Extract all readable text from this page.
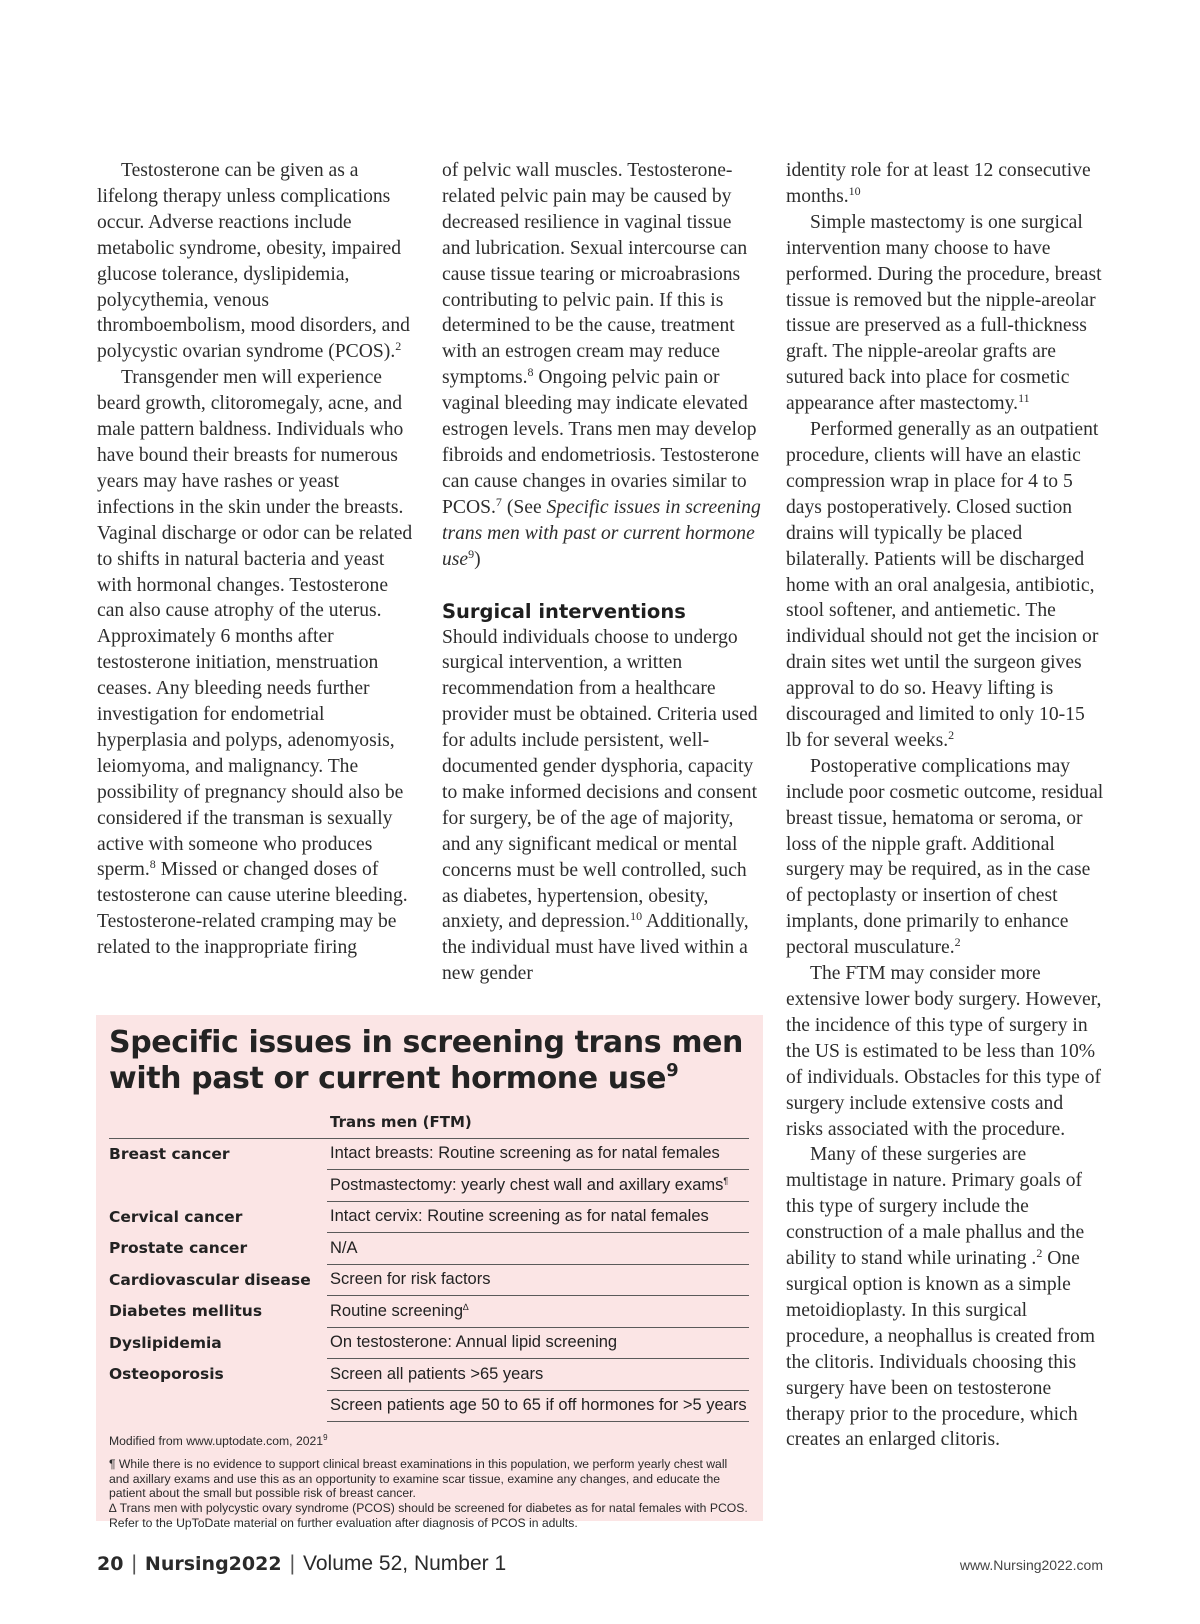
Testosterone can be given as a lifelong therapy unless complications occur. Adverse reactions include metabolic syndrome, obesity, impaired glucose tolerance, dyslipidemia, polycythemia, venous thromboembolism, mood disorders, and polycystic ovarian syndrome (PCOS).$^2$

Transgender men will experience beard growth, clitoromegaly, acne, and male pattern baldness. Individuals who have bound their breasts for numerous years may have rashes or yeast infections in the skin under the breasts. Vaginal discharge or odor can be related to shifts in natural bacteria and yeast with hormonal changes. Testosterone can also cause atrophy of the uterus. Approximately 6 months after testosterone initiation, menstruation ceases. Any bleeding needs further investigation for endometrial hyperplasia and polyps, adenomyosis, leiomyoma, and malignancy. The possibility of pregnancy should also be considered if the transman is sexually active with someone who produces sperm.$^8$ Missed or changed doses of testosterone can cause uterine bleeding. Testosterone-related cramping may be related to the inappropriate firing

of pelvic wall muscles. Testosterone-related pelvic pain may be caused by decreased resilience in vaginal tissue and lubrication. Sexual intercourse can cause tissue tearing or microabrasions contributing to pelvic pain. If this is determined to be the cause, treatment with an estrogen cream may reduce symptoms.$^8$ Ongoing pelvic pain or vaginal bleeding may indicate elevated estrogen levels. Trans men may develop fibroids and endometriosis. Testosterone can cause changes in ovaries similar to PCOS.$^7$ (See Specific issues in screening trans men with past or current hormone use$^9$)

Surgical interventions

Should individuals choose to undergo surgical intervention, a written recommendation from a healthcare provider must be obtained. Criteria used for adults include persistent, well-documented gender dysphoria, capacity to make informed decisions and consent for surgery, be of the age of majority, and any significant medical or mental concerns must be well controlled, such as diabetes, hypertension, obesity, anxiety, and depression.$^{10}$ Additionally, the individual must have lived within a new gender

identity role for at least 12 consecutive months.$^{10}$

Simple mastectomy is one surgical intervention many choose to have performed. During the procedure, breast tissue is removed but the nipple-areolar tissue are preserved as a full-thickness graft. The nipple-areolar grafts are sutured back into place for cosmetic appearance after mastectomy.$^{11}$

Performed generally as an outpatient procedure, clients will have an elastic compression wrap in place for 4 to 5 days postoperatively. Closed suction drains will typically be placed bilaterally. Patients will be discharged home with an oral analgesia, antibiotic, stool softener, and antiemetic. The individual should not get the incision or drain sites wet until the surgeon gives approval to do so. Heavy lifting is discouraged and limited to only 10-15 lb for several weeks.$^2$

Postoperative complications may include poor cosmetic outcome, residual breast tissue, hematoma or seroma, or loss of the nipple graft. Additional surgery may be required, as in the case of pectoplasty or insertion of chest implants, done primarily to enhance pectoral musculature.$^2$

The FTM may consider more extensive lower body surgery. However, the incidence of this type of surgery in the US is estimated to be less than 10% of individuals. Obstacles for this type of surgery include extensive costs and risks associated with the procedure.

Many of these surgeries are multistage in nature. Primary goals of this type of surgery include the construction of a male phallus and the ability to stand while urinating .$^2$ One surgical option is known as a simple metoidioplasty. In this surgical procedure, a neophallus is created from the clitoris. Individuals choosing this surgery have been on testosterone therapy prior to the procedure, which creates an enlarged clitoris.

Specific issues in screening trans men with past or current hormone use$^9$
	Trans men (FTM)
Breast cancer	Intact breasts: Routine screening as for natal females
	Postmastectomy: yearly chest wall and axillary exams¶
Cervical cancer	Intact cervix: Routine screening as for natal females
Prostate cancer	N/A
Cardiovascular disease	Screen for risk factors
Diabetes mellitus	Routine screening∆
Dyslipidemia	On testosterone: Annual lipid screening
Osteoporosis	Screen all patients >65 years
	Screen patients age 50 to 65 if off hormones for >5 years

Modified from www.uptodate.com, 2021$^9$

¶ While there is no evidence to support clinical breast examinations in this population, we perform yearly chest wall and axillary exams and use this as an opportunity to examine scar tissue, examine any changes, and educate the patient about the small but possible risk of breast cancer.

∆ Trans men with polycystic ovary syndrome (PCOS) should be screened for diabetes as for natal females with PCOS. Refer to the UpToDate material on further evaluation after diagnosis of PCOS in adults.

20 | Nursing2022 | Volume 52, Number 1	www.Nursing2022.com
